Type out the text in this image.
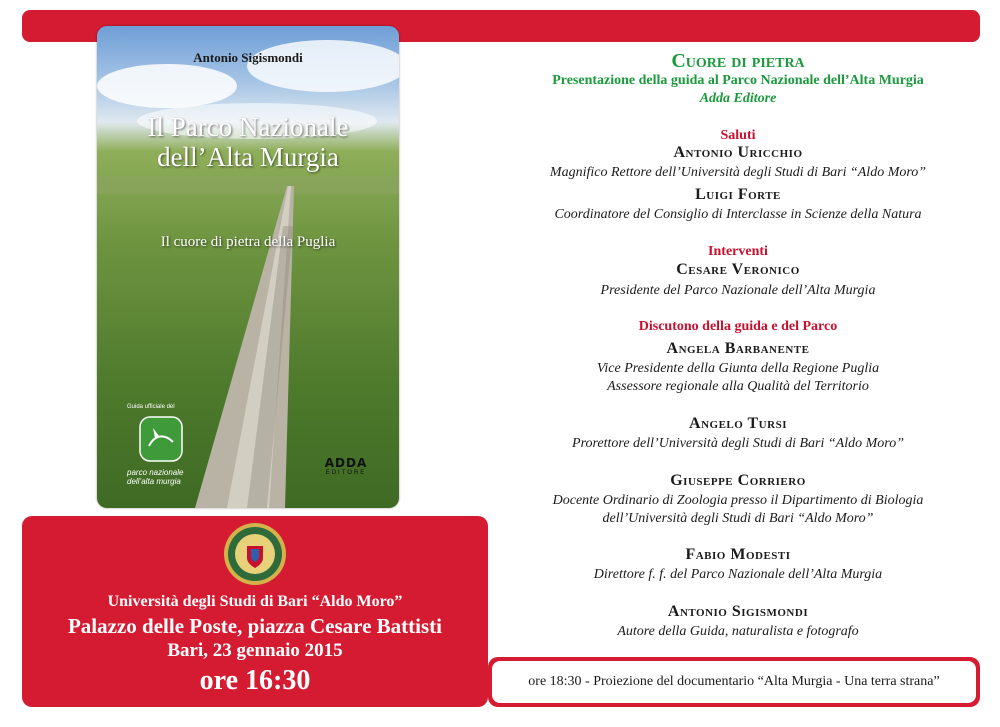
Antonio Sigismondi
Il Parco Nazionale
dell’Alta Murgia
Il cuore di pietra della Puglia
Guida ufficiale del
parco nazionale
dell’alta murgia
ADDA
EDITORE
Università degli Studi di Bari “Aldo Moro”
Palazzo delle Poste, piazza Cesare Battisti
Bari, 23 gennaio 2015
ore 16:30
Cuore di pietra
Presentazione della guida al Parco Nazionale dell’Alta Murgia
Adda Editore
Saluti
Antonio Uricchio
Magnifico Rettore dell’Università degli Studi di Bari “Aldo Moro”
Luigi Forte
Coordinatore del Consiglio di Interclasse in Scienze della Natura
Interventi
Cesare Veronico
Presidente del Parco Nazionale dell’Alta Murgia
Discutono della guida e del Parco
Angela Barbanente
Vice Presidente della Giunta della Regione Puglia
Assessore regionale alla Qualità del Territorio
Angelo Tursi
Prorettore dell’Università degli Studi di Bari “Aldo Moro”
Giuseppe Corriero
Docente Ordinario di Zoologia presso il Dipartimento di Biologia
dell’Università degli Studi di Bari “Aldo Moro”
Fabio Modesti
Direttore f. f. del Parco Nazionale dell’Alta Murgia
Antonio Sigismondi
Autore della Guida, naturalista e fotografo
ore 18:30 - Proiezione del documentario “Alta Murgia - Una terra strana”
